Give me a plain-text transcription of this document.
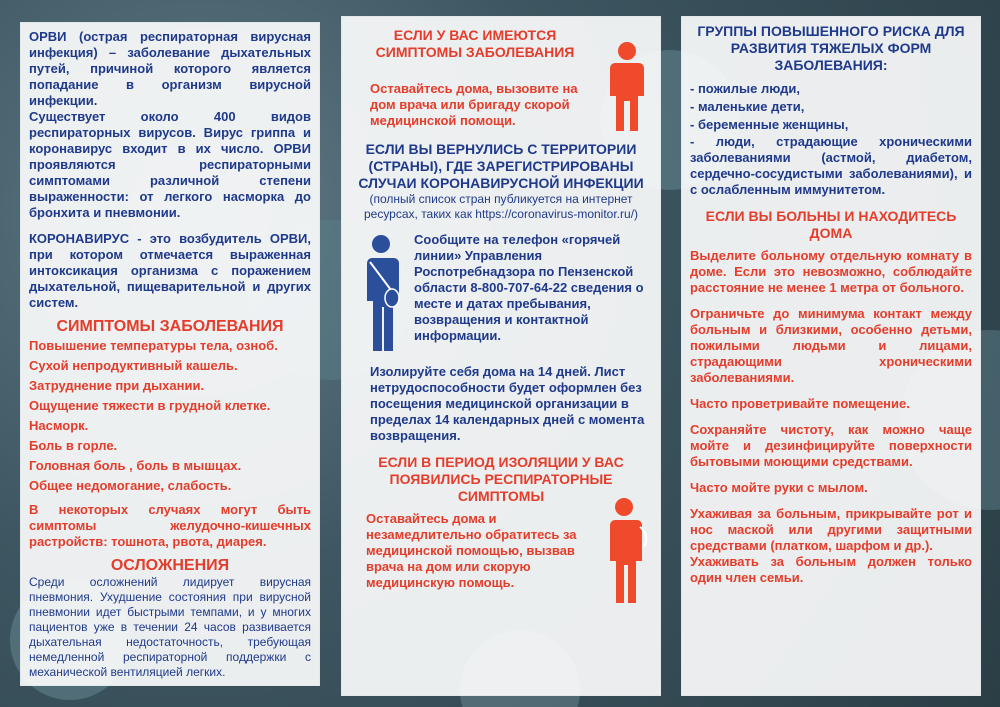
ОРВИ (острая респираторная вирусная инфекция) – заболевание дыхательных путей, причиной которого является попадание в организм вирусной инфекции.
Существует около 400 видов респираторных вирусов. Вирус гриппа и коронавирус входит в их число. ОРВИ проявляются респираторными симптомами различной степени выраженности: от легкого насморка до бронхита и пневмонии.
КОРОНАВИРУС - это возбудитель ОРВИ, при котором отмечается выраженная интоксикация организма с поражением дыхательной, пищеварительной и других систем.
СИМПТОМЫ ЗАБОЛЕВАНИЯ
Повышение температуры тела, озноб.
Сухой непродуктивный кашель.
Затруднение при дыхании.
Ощущение тяжести в грудной клетке.
Насморк.
Боль в горле.
Головная боль , боль в мышцах.
Общее недомогание, слабость.
В некоторых случаях могут быть симптомы желудочно-кишечных растройств: тошнота, рвота, диарея.
ОСЛОЖНЕНИЯ
Среди осложнений лидирует вирусная пневмония. Ухудшение состояния при вирусной пневмонии идет быстрыми темпами, и у многих пациентов уже в течении 24 часов развивается дыхательная недостаточность, требующая немедленной респираторной поддержки с механической вентиляцией легких.
ЕСЛИ У ВАС ИМЕЮТСЯ СИМПТОМЫ ЗАБОЛЕВАНИЯ
Оставайтесь дома, вызовите на дом врача или бригаду скорой медицинской помощи.
ЕСЛИ ВЫ ВЕРНУЛИСЬ С ТЕРРИТОРИИ (СТРАНЫ), ГДЕ ЗАРЕГИСТРИРОВАНЫ СЛУЧАИ КОРОНАВИРУСНОЙ ИНФЕКЦИИ
(полный список стран публикуется на интернет ресурсах, таких как https://coronavirus-monitor.ru/)
Сообщите на телефон «горячей линии» Управления Роспотребнадзора по Пензенской области 8-800-707-64-22 сведения о месте и датах пребывания, возвращения и контактной информации.
Изолируйте себя дома на 14 дней. Лист нетрудоспособности будет оформлен без посещения медицинской организации в пределах 14 календарных дней с момента возвращения.
ЕСЛИ В ПЕРИОД ИЗОЛЯЦИИ У ВАС ПОЯВИЛИСЬ РЕСПИРАТОРНЫЕ СИМПТОМЫ
Оставайтесь дома и незамедлительно обратитесь за медицинской помощью, вызвав врача на дом или скорую медицинскую помощь.
ГРУППЫ ПОВЫШЕННОГО РИСКА ДЛЯ РАЗВИТИЯ ТЯЖЕЛЫХ ФОРМ ЗАБОЛЕВАНИЯ:
- пожилые люди,
- маленькие дети,
- беременные женщины,
- люди, страдающие хроническими заболеваниями (астмой, диабетом, сердечно-сосудистыми заболеваниями), и с ослабленным иммунитетом.
ЕСЛИ ВЫ БОЛЬНЫ И НАХОДИТЕСЬ ДОМА
Выделите больному отдельную комнату в доме. Если это невозможно, соблюдайте расстояние не менее 1 метра от больного.
Ограничьте до минимума контакт между больным и близкими, особенно детьми, пожилыми людьми и лицами, страдающими хроническими заболеваниями.
Часто проветривайте помещение.
Сохраняйте чистоту, как можно чаще мойте и дезинфицируйте поверхности бытовыми моющими средствами.
Часто мойте руки с мылом.
Ухаживая за больным, прикрывайте рот и нос маской или другими защитными средствами (платком, шарфом и др.).
Ухаживать за больным должен только один член семьи.
